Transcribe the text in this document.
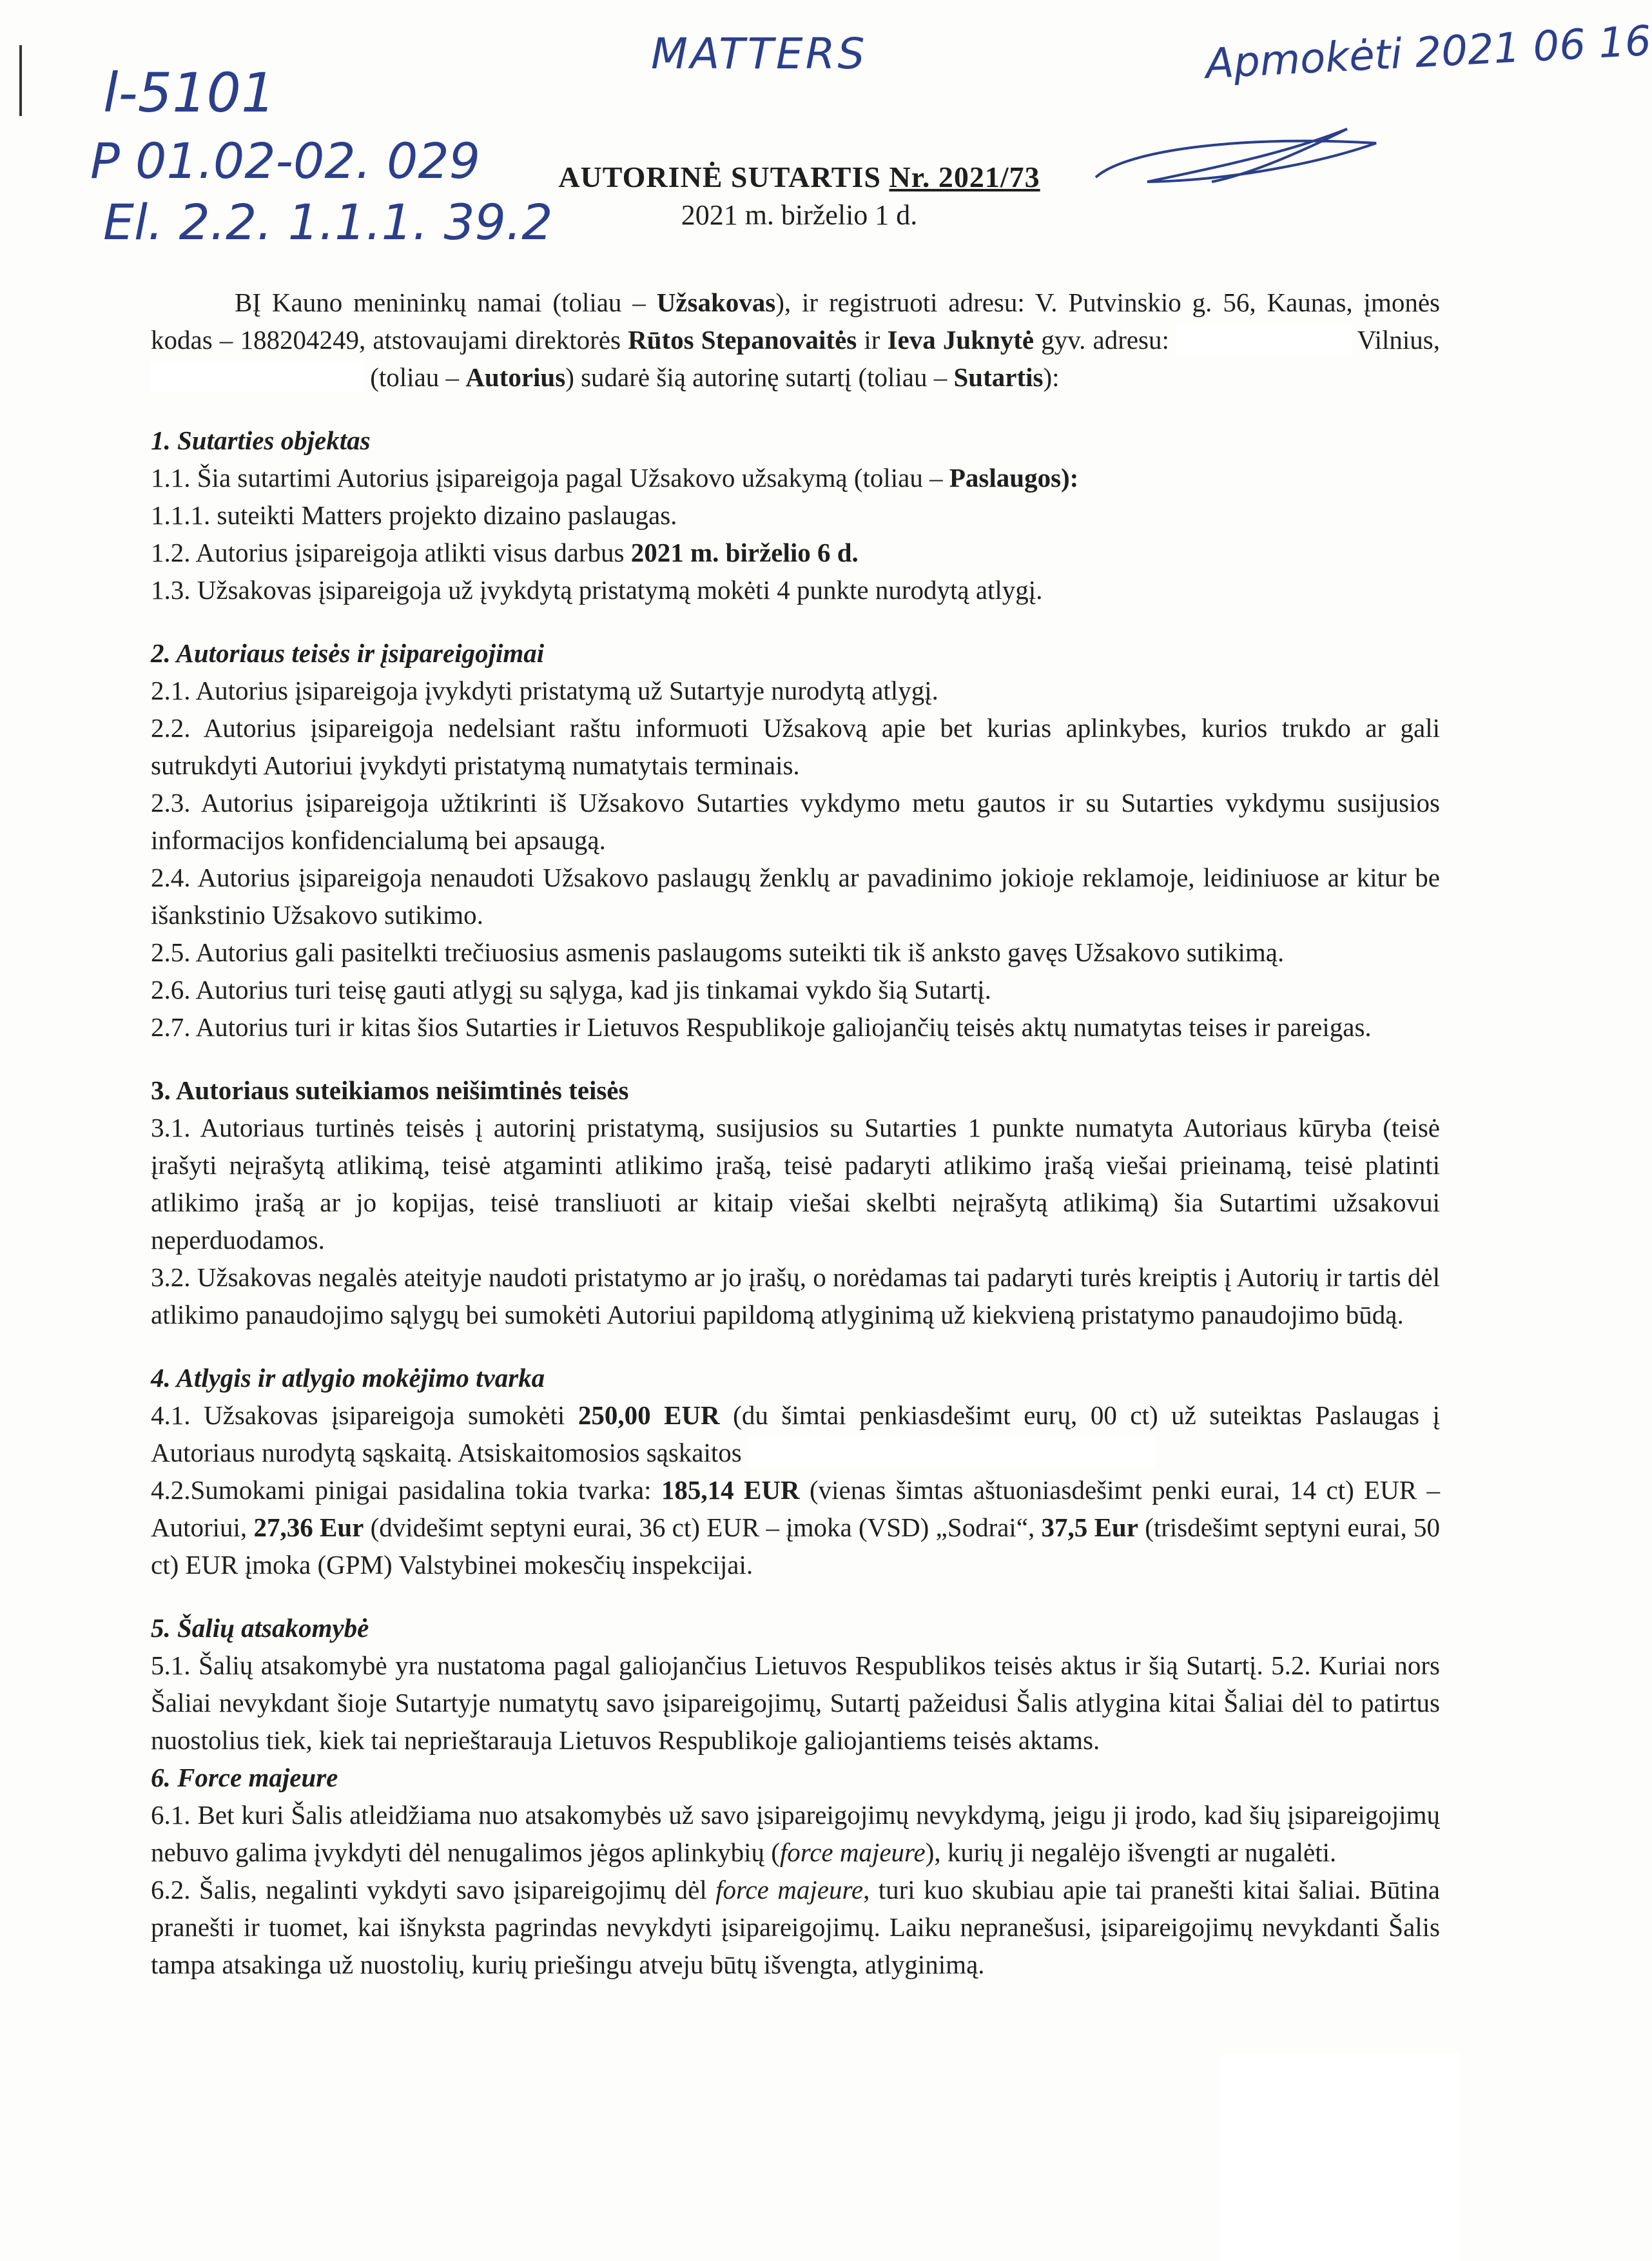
MATTERS
l-5101
P 01.02-02. 029
El. 2.2. 1.1.1. 39.2
Apmokėti 2021 06 16
AUTORINĖ SUTARTIS Nr. 2021/73
2021 m. birželio 1 d.

BĮ Kauno menininkų namai (toliau – Užsakovas), ir registruoti adresu: V. Putvinskio g. 56, Kaunas, įmonės kodas – 188204249, atstovaujami direktorės Rūtos Stepanovaitės ir Ieva Juknytė gyv. adresu:	Vilnius,  (toliau – Autorius) sudarė šią autorinę sutartį (toliau – Sutartis):

1. Sutarties objektas

1.1. Šia sutartimi Autorius įsipareigoja pagal Užsakovo užsakymą (toliau – Paslaugos):

1.1.1. suteikti Matters projekto dizaino paslaugas.

1.2. Autorius įsipareigoja atlikti visus darbus 2021 m. birželio 6 d.

1.3. Užsakovas įsipareigoja už įvykdytą pristatymą mokėti 4 punkte nurodytą atlygį.

2. Autoriaus teisės ir įsipareigojimai

2.1. Autorius įsipareigoja įvykdyti pristatymą už Sutartyje nurodytą atlygį.

2.2. Autorius įsipareigoja nedelsiant raštu informuoti Užsakovą apie bet kurias aplinkybes, kurios trukdo ar gali sutrukdyti Autoriui įvykdyti pristatymą numatytais terminais.

2.3. Autorius įsipareigoja užtikrinti iš Užsakovo Sutarties vykdymo metu gautos ir su Sutarties vykdymu susijusios informacijos konfidencialumą bei apsaugą.

2.4. Autorius įsipareigoja nenaudoti Užsakovo paslaugų ženklų ar pavadinimo jokioje reklamoje, leidiniuose ar kitur be išankstinio Užsakovo sutikimo.

2.5. Autorius gali pasitelkti trečiuosius asmenis paslaugoms suteikti tik iš anksto gavęs Užsakovo sutikimą.

2.6. Autorius turi teisę gauti atlygį su sąlyga, kad jis tinkamai vykdo šią Sutartį.

2.7. Autorius turi ir kitas šios Sutarties ir Lietuvos Respublikoje galiojančių teisės aktų numatytas teises ir pareigas.

3. Autoriaus suteikiamos neišimtinės teisės

3.1. Autoriaus turtinės teisės į autorinį pristatymą, susijusios su Sutarties 1 punkte numatyta Autoriaus kūryba (teisė įrašyti neįrašytą atlikimą, teisė atgaminti atlikimo įrašą, teisė padaryti atlikimo įrašą viešai prieinamą, teisė platinti atlikimo įrašą ar jo kopijas, teisė transliuoti ar kitaip viešai skelbti neįrašytą atlikimą) šia Sutartimi užsakovui neperduodamos.

3.2. Užsakovas negalės ateityje naudoti pristatymo ar jo įrašų, o norėdamas tai padaryti turės kreiptis į Autorių ir tartis dėl atlikimo panaudojimo sąlygų bei sumokėti Autoriui papildomą atlyginimą už kiekvieną pristatymo panaudojimo būdą.

4. Atlygis ir atlygio mokėjimo tvarka

4.1. Užsakovas įsipareigoja sumokėti 250,00 EUR (du šimtai penkiasdešimt eurų, 00 ct) už suteiktas Paslaugas į Autoriaus nurodytą sąskaitą. Atsiskaitomosios sąskaitos

4.2.Sumokami pinigai pasidalina tokia tvarka: 185,14 EUR (vienas šimtas aštuoniasdešimt penki eurai, 14 ct) EUR – Autoriui, 27,36 Eur (dvidešimt septyni eurai, 36 ct) EUR – įmoka (VSD) „Sodrai“, 37,5 Eur (trisdešimt septyni eurai, 50 ct) EUR įmoka (GPM) Valstybinei mokesčių inspekcijai.

5. Šalių atsakomybė

5.1. Šalių atsakomybė yra nustatoma pagal galiojančius Lietuvos Respublikos teisės aktus ir šią Sutartį. 5.2. Kuriai nors Šaliai nevykdant šioje Sutartyje numatytų savo įsipareigojimų, Sutartį pažeidusi Šalis atlygina kitai Šaliai dėl to patirtus nuostolius tiek, kiek tai neprieštarauja Lietuvos Respublikoje galiojantiems teisės aktams.

6. Force majeure

6.1. Bet kuri Šalis atleidžiama nuo atsakomybės už savo įsipareigojimų nevykdymą, jeigu ji įrodo, kad šių įsipareigojimų nebuvo galima įvykdyti dėl nenugalimos jėgos aplinkybių (force majeure), kurių ji negalėjo išvengti ar nugalėti.

6.2. Šalis, negalinti vykdyti savo įsipareigojimų dėl force majeure, turi kuo skubiau apie tai pranešti kitai šaliai. Būtina pranešti ir tuomet, kai išnyksta pagrindas nevykdyti įsipareigojimų. Laiku nepranešusi, įsipareigojimų nevykdanti Šalis tampa atsakinga už nuostolių, kurių priešingu atveju būtų išvengta, atlyginimą.
